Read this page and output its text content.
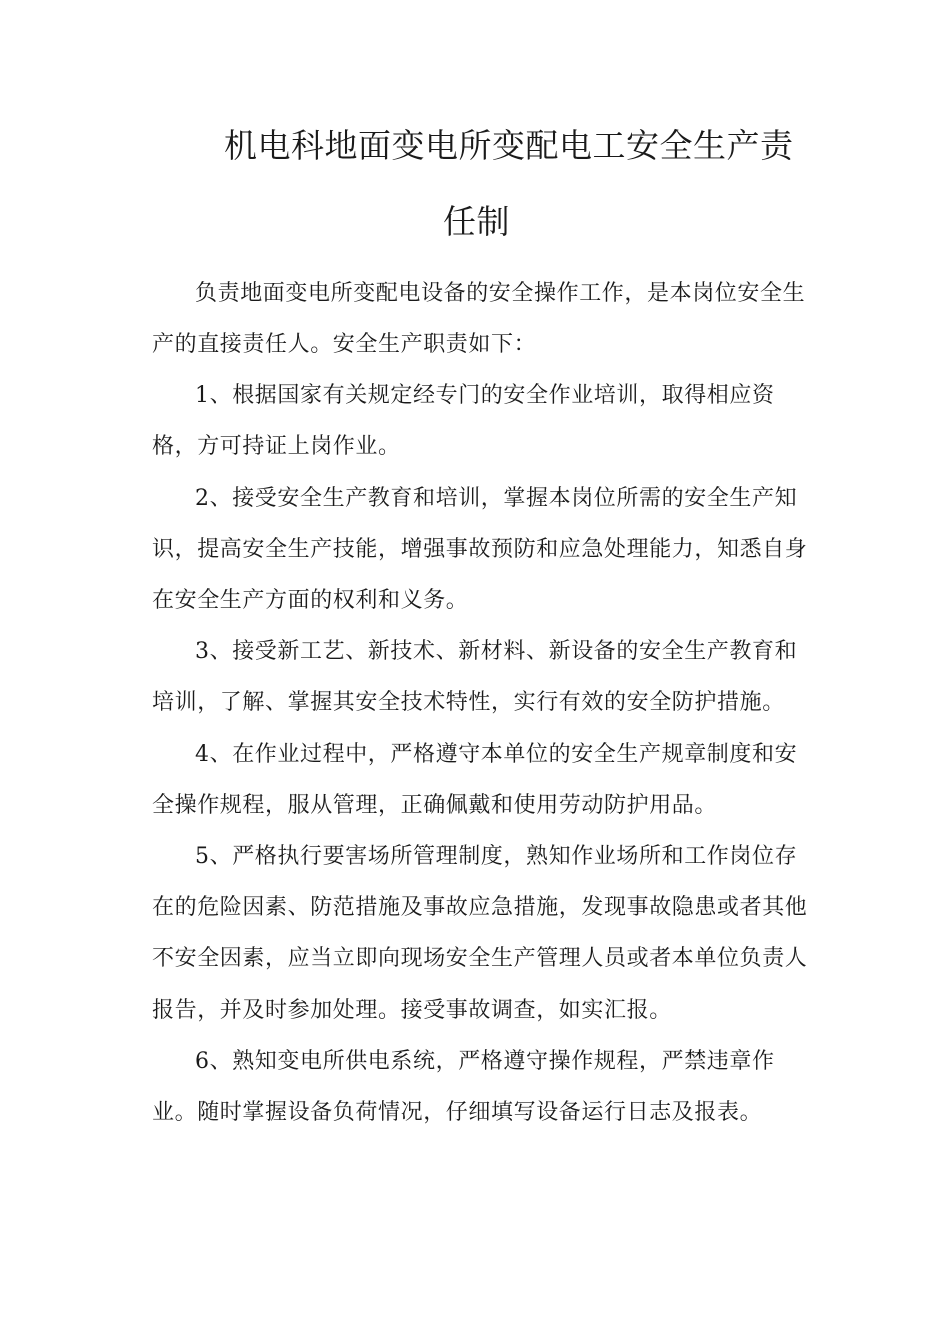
机电科地面变电所变配电工安全生产责
任制
负责地面变电所变配电设备的安全操作工作，是本岗位安全生
产的直接责任人。安全生产职责如下：
1、根据国家有关规定经专门的安全作业培训，取得相应资
格，方可持证上岗作业。
2、接受安全生产教育和培训，掌握本岗位所需的安全生产知
识，提高安全生产技能，增强事故预防和应急处理能力，知悉自身
在安全生产方面的权利和义务。
3、接受新工艺、新技术、新材料、新设备的安全生产教育和
培训，了解、掌握其安全技术特性，实行有效的安全防护措施。
4、在作业过程中，严格遵守本单位的安全生产规章制度和安
全操作规程，服从管理，正确佩戴和使用劳动防护用品。
5、严格执行要害场所管理制度，熟知作业场所和工作岗位存
在的危险因素、防范措施及事故应急措施，发现事故隐患或者其他
不安全因素，应当立即向现场安全生产管理人员或者本单位负责人
报告，并及时参加处理。接受事故调查，如实汇报。
6、熟知变电所供电系统，严格遵守操作规程，严禁违章作
业。随时掌握设备负荷情况，仔细填写设备运行日志及报表。
